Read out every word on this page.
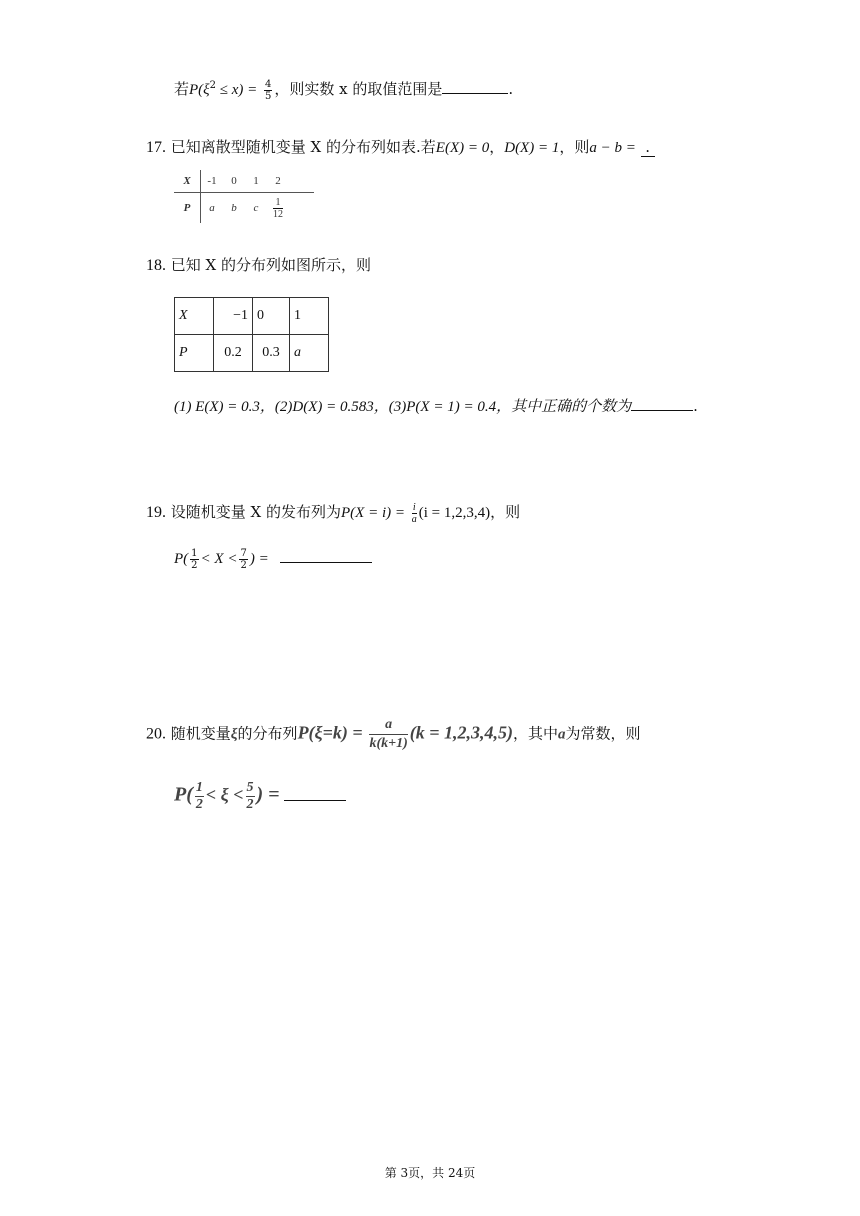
若$P(\xi^2 \le x) = \frac{4}{5}$ ，则实数 x 的取值范围是	.
17. 已知离散型随机变量 X 的分布列如表.若E(X) = 0，D(X) = 1，则a − b = .
X	-1	0	1	2
P	a	b	c	$\frac{1}{12}$
18. 已知 X 的分布列如图所示，则
X	−1	0	1
P	0.2	0.3	a
(1) E(X) = 0.3，(2)D(X) = 0.583，(3)P(X = 1) = 0.4，其中正确的个数为	.
19. 设随机变量 X 的发布列为$P(X = i) = \frac{i}{a} (i = 1,2,3,4)$，则
$P( \frac{1}{2} < X < \frac{7}{2}$ ) =
20. 随机变量ξ的分布列$P(\xi=k) = \frac{a}{k(k+1)} (k = 1,2,3,4,5)$，其中a为常数，则
$P( \frac{1}{2} < \xi < \frac{5}{2}$ ) =
第 3页，共 24页
